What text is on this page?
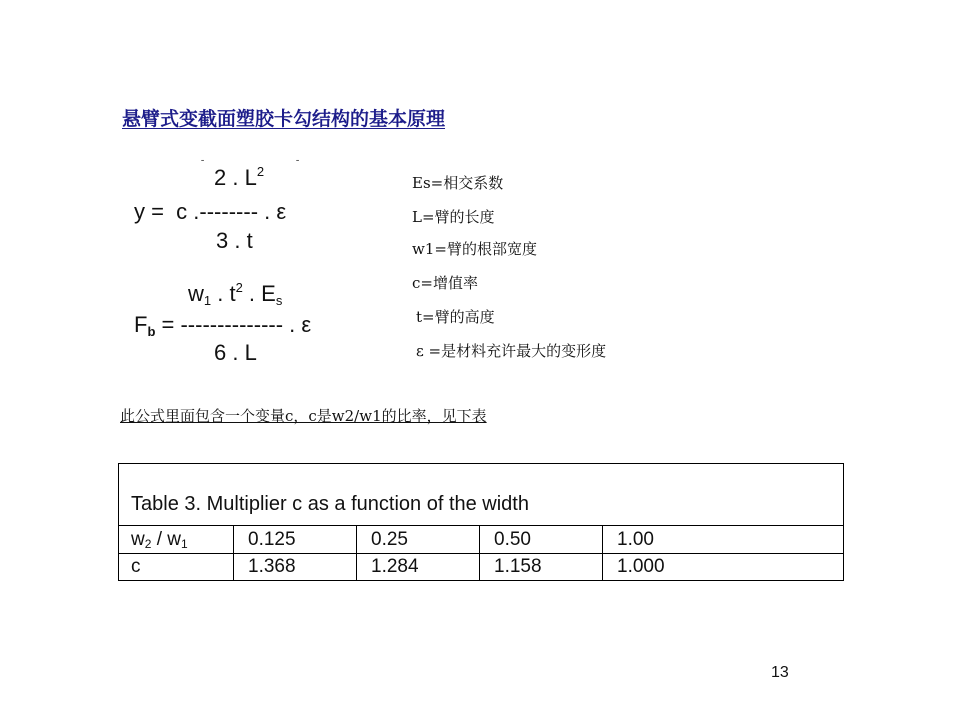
悬臂式变截面塑胶卡勾结构的基本原理
2 . $L^2$
y =  c .-------- . ε
3 . t
ˉ	ˉ
$w_1$ . $t^2$ . $E_s$
$F_b$ = -------------- . ε
6 . L
Es=相交系数
L=臂的长度
w1=臂的根部宽度
c=增值率
t=臂的高度
ε =是材料充许最大的变形度
此公式里面包含一个变量c，c是w2/w1的比率，见下表
Table 3. Multiplier c as a function of the width
$w_2 / w_1$	0.125	0.25	0.50	1.00
c	1.368	1.284	1.158	1.000
13
